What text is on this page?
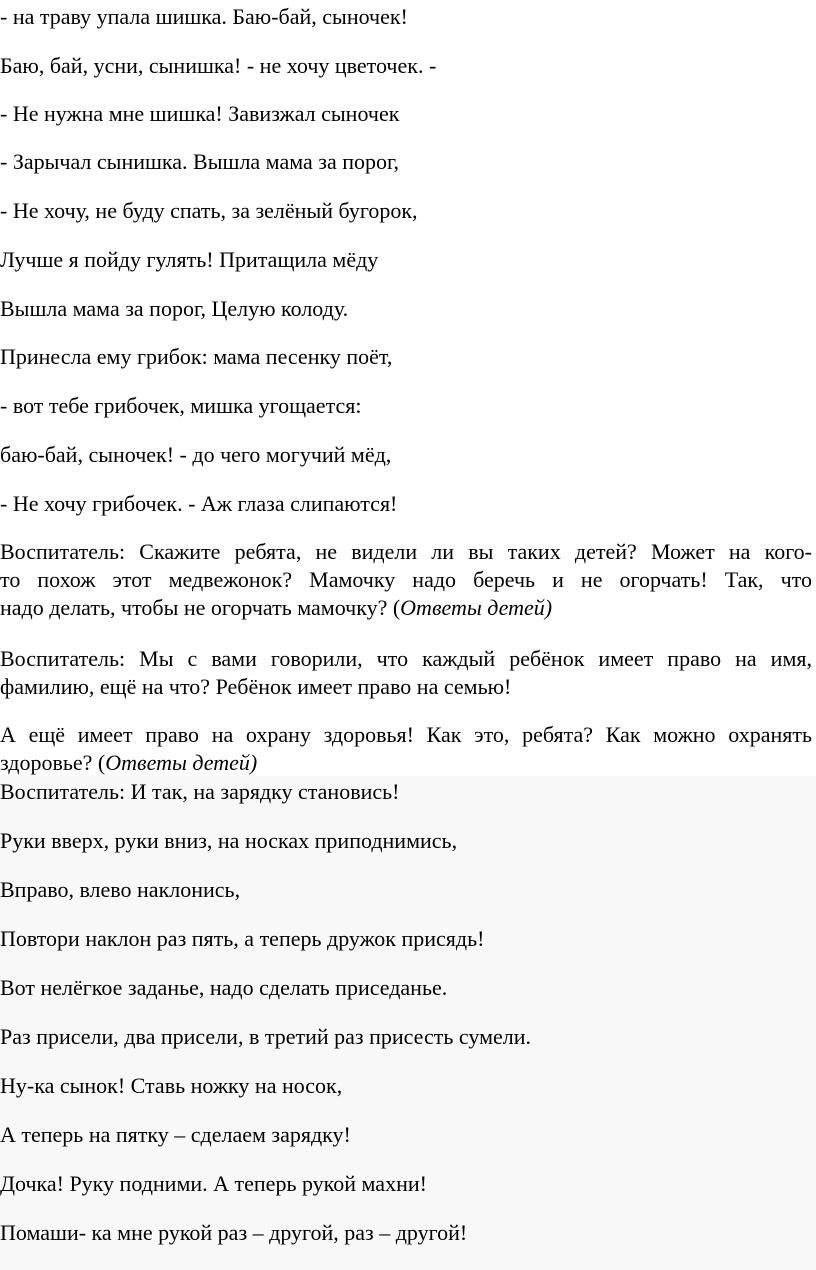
- на траву упала шишка. Баю-бай, сыночек!

Баю, бай, усни, сынишка! - не хочу цветочек. -

- Не нужна мне шишка! Завизжал сыночек

- Зарычал сынишка. Вышла мама за порог,

- Не хочу, не буду спать, за зелёный бугорок,

Лучше я пойду гулять! Притащила мёду

Вышла мама за порог, Целую колоду.

Принесла ему грибок: мама песенку поёт,

- вот тебе грибочек, мишка угощается:

баю-бай, сыночек! - до чего могучий мёд,

- Не хочу грибочек. - Аж глаза слипаются!

Воспитатель: Скажите ребята, не видели ли вы таких детей? Может на кого-
то похож этот медвежонок? Мамочку надо беречь и не огорчать! Так, что
надо делать, чтобы не огорчать мамочку? (Ответы детей)
Воспитатель: Мы с вами говорили, что каждый ребёнок имеет право на имя,
фамилию, ещё на что? Ребёнок имеет право на семью!
А ещё имеет право на охрану здоровья! Как это, ребята? Как можно охранять
здоровье? (Ответы детей)

Воспитатель: И так, на зарядку становись!

Руки вверх, руки вниз, на носках приподнимись,

Вправо, влево наклонись,

Повтори наклон раз пять, а теперь дружок присядь!

Вот нелёгкое заданье, надо сделать приседанье.

Раз присели, два присели, в третий раз присесть сумели.

Ну-ка сынок! Ставь ножку на носок,

А теперь на пятку – сделаем зарядку!

Дочка! Руку подними. А теперь рукой махни!

Помаши- ка мне рукой раз – другой, раз – другой!
